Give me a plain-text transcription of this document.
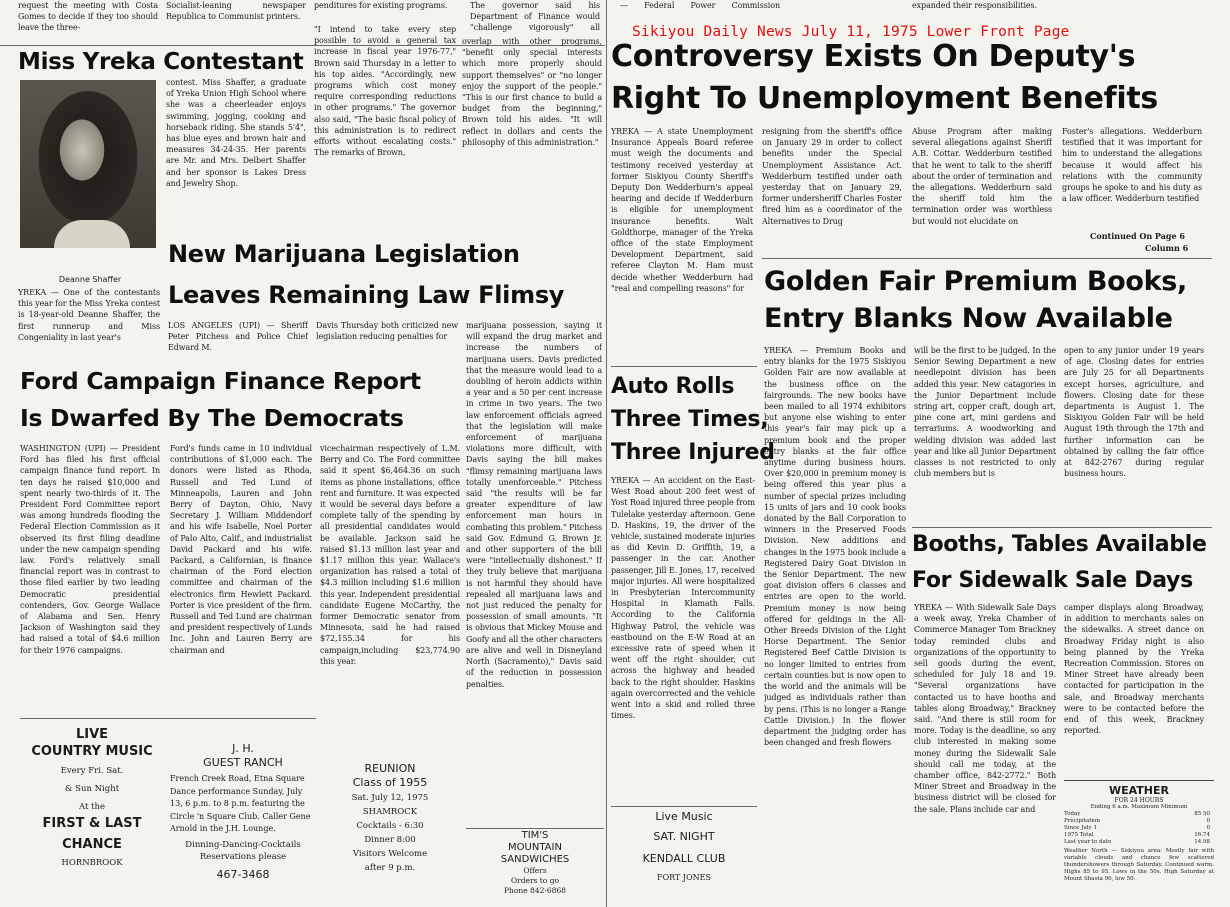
request the meeting with Costa Gomes to decide if they too should leave the three-
Socialist-leaning newspaper Republica to Communist printers.
penditures for existing programs.	The governor said his Department of Finance would "challenge vigorously" all
— Federal Power Commission	expanded their responsibilities.
Sikiyou Daily News July 11, 1975 Lower Front Page
Miss Yreka Contestant
Deanne Shaffer
YREKA — One of the contestants this year for the Miss Yreka contest is 18-year-old Deanne Shaffer, the first runnerup and Miss Congeniality in last year's
contest. Miss Shaffer, a graduate of Yreka Union High School where she was a cheerleader enjoys swimming, jogging, cooking and horseback riding. She stands 5'4", has blue eyes and brown hair and measures 34-24-35. Her parents are Mr. and Mrs. Delbert Shaffer and her sponsor is Lakes Dress and Jewelry Shop.
"I intend to take every step possible to avoid a general tax increase in fiscal year 1976-77," Brown said Thursday in a letter to his top aides. "Accordingly, new programs which cost money require corresponding reductions in other programs." The governor also said, "The basic fiscal policy of this administration is to redirect efforts without escalating costs." The remarks of Brown,
overlap with other programs, "benefit only special interests which more properly should support themselves" or "no longer enjoy the support of the people." "This is our first chance to build a budget from the beginning," Brown told his aides. "It will reflect in dollars and cents the philosophy of this administration."
New Marijuana Legislation
Leaves Remaining Law Flimsy
LOS ANGELES (UPI) — Sheriff Peter Pitchess and Police Chief Edward M.
Davis Thursday both criticized new legislation reducing penalties for
marijuana possession, saying it will expand the drug market and increase the numbers of marijuana users. Davis predicted that the measure would lead to a doubling of heroin addicts within a year and a 50 per cent increase in crime in two years. The two law enforcement officials agreed that the legislation will make enforcement of marijuana violations more difficult, with Davis saying the bill makes "flimsy remaining marijuana laws totally unenforceable." Pitchess said "the results will be far greater expenditure of law enforcement man hours in combating this problem." Pitchess said Gov. Edmund G. Brown Jr. and other supporters of the bill were "intellectually dishonest." If they truly believe that marijuana is not harmful they should have repealed all marijuana laws and not just reduced the penalty for possession of small amounts. "It is obvious that Mickey Mouse and Goofy and all the other characters are alive and well in Disneyland North (Sacramento)," Davis said of the reduction in possession penalties.
Ford Campaign Finance Report
Is Dwarfed By The Democrats
WASHINGTON (UPI) — President Ford has filed his first official campaign finance fund report. In ten days he raised $10,000 and spent nearly two-thirds of it. The President Ford Committee report was among hundreds flooding the Federal Election Commission as it observed its first filing deadline under the new campaign spending law. Ford's relatively small financial report was in contrast to those filed earlier by two leading Democratic presidential contenders, Gov. George Wallace of Alabama and Sen. Henry Jackson of Washington said they had raised a total of $4.6 million for their 1976 campaigns.
Ford's funds came in 10 individual contributions of $1,000 each. The donors were listed as Rhoda, Russell and Ted Lund of Minneapolis, Lauren and John Berry of Dayton, Ohio, Navy Secretary J. William Middendorf and his wife Isabelle, Noel Porter of Palo Alto, Calif., and industrialist David Packard and his wife. Packard, a Californian, is finance chairman of the Ford election committee and chairman of the electronics firm Hewlett Packard. Porter is vice president of the firm. Russell and Ted Lund are chairman and president respectively of Lunds Inc. John and Lauren Berry are chairman and
vicechairman respectively of L.M. Berry and Co. The Ford committee said it spent $6,464.36 on such items as phone installations, office rent and furniture. It was expected it would be several days before a complete tally of the spending by all presidential candidates would be available. Jackson said he raised $1.13 million last year and $1.17 million this year. Wallace's organization has raised a total of $4.3 million including $1.6 million this year. Independent presidential candidate Eugene McCarthy, the former Democratic senator from Minnesota, said he had raised $72,155.34 for his campaign,including $23,774.90 this year.
LIVE
COUNTRY MUSIC
Every Fri. Sat.
& Sun Night
At the
FIRST & LAST
CHANCE
HORNBROOK
J. H.
GUEST RANCH
French Creek Road, Etna Square Dance performance Sunday, July 13, 6 p.m. to 8 p.m. featuring the Circle 'n Square Club. Caller Gene Arnold in the J.H. Lounge.
Dinning-Dancing-Cocktails Reservations please
467-3468
REUNION
Class of 1955
Sat. July 12, 1975
SHAMROCK
Cocktails - 6:30
Dinner 8:00
Visitors Welcome
after 9 p.m.
TIM'S
MOUNTAIN
SANDWICHES
Offers
Orders to go
Phone 842-6868
Controversy Exists On Deputy's
Right To Unemployment Benefits
YREKA — A state Unemployment Insurance Appeals Board referee must weigh the documents and testimony received yesterday at former Siskiyou County Sheriff's Deputy Don Wedderburn's appeal hearing and decide if Wedderburn is eligible for unemployment insurance benefits. Walt Goldthorpe, manager of the Yreka office of the state Employment Development Department, said referee Clayton M. Ham must decide whether Wedderburn had "real and compelling reasons" for
resigning from the sheriff's office on January 29 in order to collect benefits under the Special Unemployment Assistance Act. Wedderburn testified under oath yesterday that on January 29, former undersheriff Charles Foster fired him as a coordinator of the Alternatives to Drug
Abuse Program after making several allegations against Sheriff A.B. Cottar. Wedderburn testified that he went to talk to the sheriff about the order of termination and the allegations. Wedderburn said the sheriff told him the termination order was worthless but would not elucidate on
Foster's allegations. Wedderburn testified that it was important for him to understand the allegations because it would affect his relations with the community groups he spoke to and his duty as a law officer. Wedderburn testified
Continued On Page 6
Column 6
Golden Fair Premium Books,
Entry Blanks Now Available
YREKA — Premium Books and entry blanks for the 1975 Siskiyou Golden Fair are now available at the business office on the fairgrounds. The new books have been mailed to all 1974 exhibitors but anyone else wishing to enter this year's fair may pick up a premium book and the proper entry blanks at the fair office anytime during business hours. Over $20,000 in premium money is being offered this year plus a number of special prizes including 15 units of jars and 10 cook books donated by the Ball Corporation to winners in the Preserved Foods Division. New additions and changes in the 1975 book include a Registered Dairy Goat Division in the Senior Department. The new goat division offers 6 classes and entries are open to the world. Premium money is now being offered for geldings in the All-Other Breeds Division of the Light Horse Department. The Senior Registered Beef Cattle Division is no longer limited to entries from certain counties but is now open to the world and the animals will be judged as individuals rather than by pens. (This is no longer a Range Cattle Division.) In the flower department the judging order has been changed and fresh flowers
will be the first to be judged. In the Senior Sewing Department a new needlepoint division has been added this year. New catagories in the Junior Department include string art, copper craft, dough art, pine cone art, mini gardens and terrariums. A woodworking and welding division was added last year and like all Junior Department classes is not restricted to only club members but is
open to any junior under 19 years of age. Closing dates for entries are July 25 for all Departments except horses, agriculture, and flowers. Closing date for these departments is August 1. The Siskiyou Golden Fair will be held August 19th through the 17th and further information can be obtained by calling the fair office at 842-2767 during regular business hours.
Auto Rolls
Three Times,
Three Injured
YREKA — An accident on the East-West Road about 200 feet west of Yost Road injured three people from Tulelake yesterday afternoon. Gene D. Haskins, 19, the driver of the vehicle, sustained moderate injuries as did Kevin D. Griffith, 19, a passenger in the car. Another passenger, Jill E. Jones, 17, received major injuries. All were hospitalized in Presbyterian Intercommunity Hospital in Klamath Falls. According to the California Highway Patrol, the vehicle was eastbound on the E-W Road at an excessive rate of speed when it went off the right shoulder, cut across the highway and headed back to the right shoulder. Haskins again overcorrected and the vehicle went into a skid and rolled three times.
Live Music
SAT. NIGHT
KENDALL CLUB
FORT JONES
Booths, Tables Available
For Sidewalk Sale Days
YREKA — With Sidewalk Sale Days a week away, Yreka Chamber of Commerce Manager Tom Brackney today reminded clubs and organizations of the opportunity to sell goods during the event, scheduled for July 18 and 19. "Several organizations have contacted us to have booths and tables along Broadway," Brackney said. "And there is still room for more. Today is the deadline, so any club interested in making some money during the Sidewalk Sale should call me today, at the chamber office, 842-2772." Both Miner Street and Broadway in the business district will be closed for the sale. Plans include car and
camper displays along Broadway, in addition to merchants sales on the sidewalks. A street dance on Broadway Friday night is also being planned by the Yreka Recreation Commission. Stores on Miner Street have already been contacted for participation in the sale, and Broadway merchants were to be contacted before the end of this week, Brackney reported.
WEATHER
FOR 24 HOURS
Ending 6 a.m. Maximum Minimum
Today
Precipitation
Since July 1
1975 Total
Last year to date
85 50
0
0
16.74
14.98
Weather North — Siskiyou area: Mostly fair with variable clouds and chance few scattered thundershowers through Saturday. Continued warm. Highs 85 to 95. Lows in the 50s. High Saturday at Mount Shasta 90, low 50.
